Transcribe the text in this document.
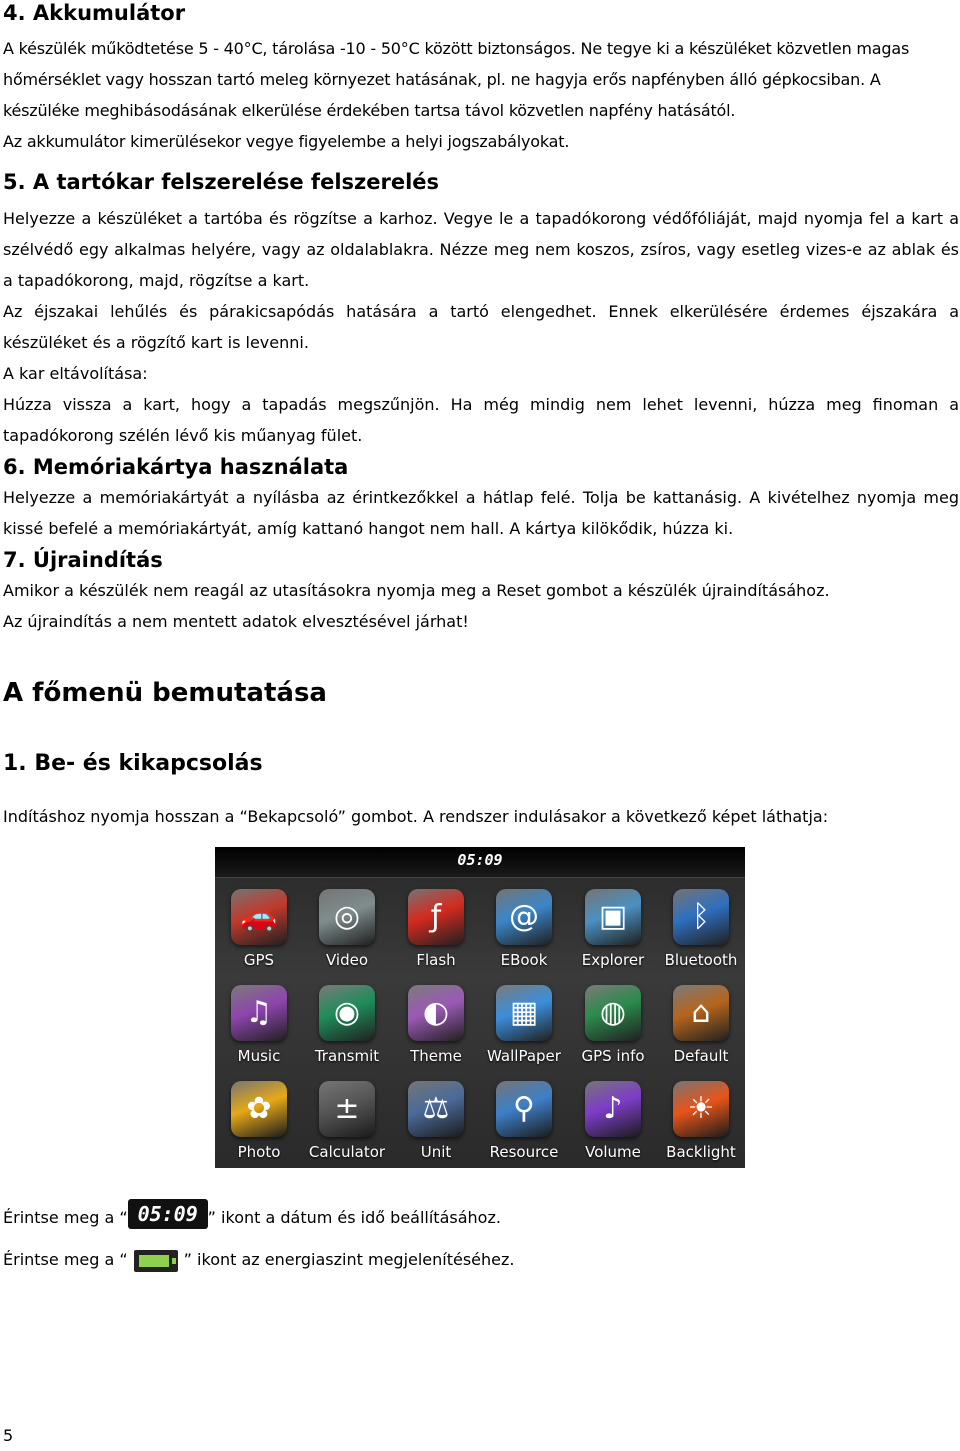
4. Akkumulátor

A készülék működtetése 5 - 40°C, tárolása -10 - 50°C között biztonságos. Ne tegye ki a készüléket közvetlen magas hőmérséklet vagy hosszan tartó meleg környezet hatásának, pl. ne hagyja erős napfényben álló gépkocsiban. A készüléke meghibásodásának elkerülése érdekében tartsa távol közvetlen napfény hatásától.

Az akkumulátor kimerülésekor vegye figyelembe a helyi jogszabályokat.

5. A tartókar felszerelése felszerelés

Helyezze a készüléket a tartóba és rögzítse a karhoz. Vegye le a tapadókorong védőfóliáját, majd nyomja fel a kart a szélvédő egy alkalmas helyére, vagy az oldalablakra. Nézze meg nem koszos, zsíros, vagy esetleg vizes-e az ablak és a tapadókorong, majd, rögzítse a kart.

Az éjszakai lehűlés és párakicsapódás hatására a tartó elengedhet. Ennek elkerülésére érdemes éjszakára a készüléket és a rögzítő kart is levenni.

A kar eltávolítása:

Húzza vissza a kart, hogy a tapadás megszűnjön. Ha még mindig nem lehet levenni, húzza meg finoman a tapadókorong szélén lévő kis műanyag fület.

6. Memóriakártya használata

Helyezze a memóriakártyát a nyílásba az érintkezőkkel a hátlap felé. Tolja be kattanásig. A kivételhez nyomja meg kissé befelé a memóriakártyát, amíg kattanó hangot nem hall. A kártya kilökődik, húzza ki.

7. Újraindítás

Amikor a készülék nem reagál az utasításokra nyomja meg a Reset gombot a készülék újraindításához.

Az újraindítás a nem mentett adatok elvesztésével járhat!

A főmenü bemutatása
1. Be- és kikapcsolás

Indításhoz nyomja hosszan a “Bekapcsoló” gombot. A rendszer indulásakor a következő képet láthatja:

05:09
🚗
GPS
◎
Video
ƒ
Flash
@
EBook
▣
Explorer
ᛒ
Bluetooth
♫
Music
◉
Transmit
◐
Theme
▦
WallPaper
◍
GPS info
⌂
Default
✿
Photo
±
Calculator
⚖
Unit
⚲
Resource
♪
Volume
☀
Backlight

Érintse meg a “ 05:09 ” ikont a dátum és idő beállításához.

Érintse meg a “	” ikont az energiaszint megjelenítéséhez.

5
